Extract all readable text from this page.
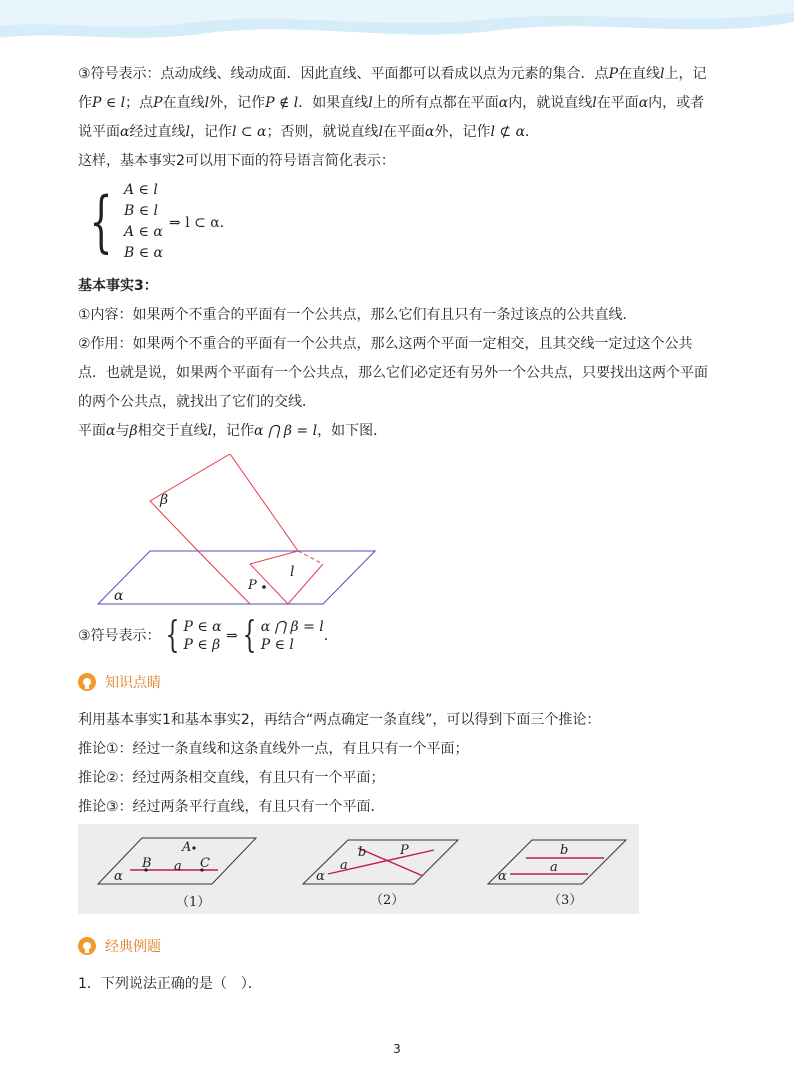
③符号表示：点动成线、线动成面．因此直线、平面都可以看成以点为元素的集合．点P在直线l上，记
作P ∈ l；点P在直线l外，记作P ∉ l．如果直线l上的所有点都在平面α内，就说直线l在平面α内，或者
说平面α经过直线l，记作l ⊂ α；否则，就说直线l在平面α外，记作l ⊄ α．

这样，基本事实2可以用下面的符号语言简化表示：

{ A ∈ l
B ∈ l
A ∈ α
B ∈ α
⇒ l ⊂ α．

基本事实3：

①内容：如果两个不重合的平面有一个公共点，那么它们有且只有一条过该点的公共直线．

②作用：如果两个不重合的平面有一个公共点，那么这两个平面一定相交，且其交线一定过这个公共
点．也就是说，如果两个平面有一个公共点，那么它们必定还有另外一个公共点，只要找出这两个平面
的两个公共点，就找出了它们的交线．

平面α与β相交于直线l，记作α ⋂ β = l，如下图．

β
l
P
α

③符号表示： { P ∈ α
P ∈ β
⇒ { α ⋂ β = l
P ∈ l
．

知识点睛

利用基本事实1和基本事实2，再结合“两点确定一条直线”，可以得到下面三个推论：

推论①：经过一条直线和这条直线外一点，有且只有一个平面；

推论②：经过两条相交直线，有且只有一个平面；

推论③：经过两条平行直线，有且只有一个平面．

A
B a C
α
（1）
b	P
a
α
（2）
b
a
α
（3）
经典例题

1．下列说法正确的是（　）．

3
